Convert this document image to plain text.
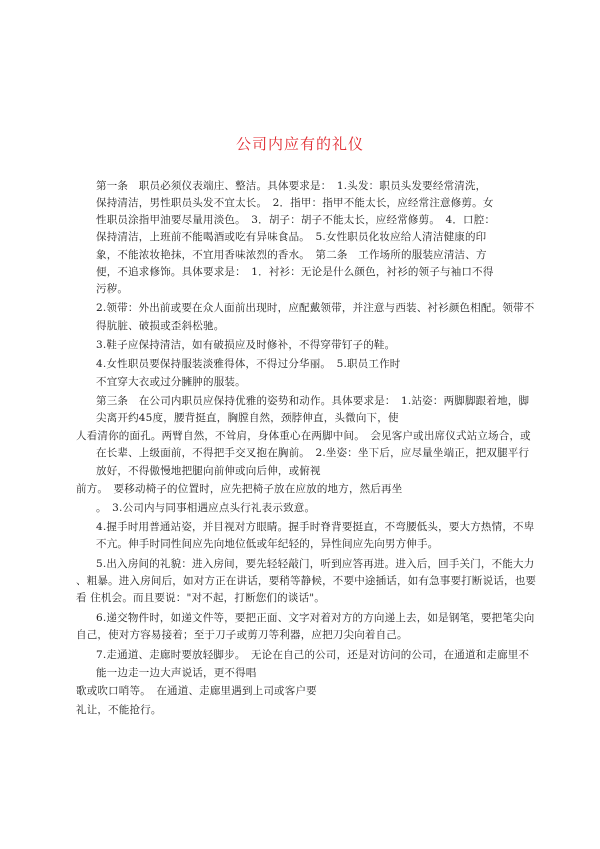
公司内应有的礼仪
第一条　职员必须仪表端庄、整洁。具体要求是：　1.头发：职员头发要经常清洗，
保持清洁，男性职员头发不宜太长。　2．指甲：指甲不能太长，应经常注意修剪。女
性职员涂指甲油要尽量用淡色。　3．胡子：胡子不能太长，应经常修剪。　4．口腔：
保持清洁，上班前不能喝酒或吃有异味食品。　5.女性职员化妆应给人清洁健康的印
象，不能浓妆艳抹，不宜用香味浓烈的香水。　第二条　工作场所的服装应清洁、方
便，不追求修饰。具体要求是：　1．衬衫：无论是什么颜色，衬衫的领子与袖口不得
污秽。
2.领带：外出前或要在众人面前出现时，应配戴领带，并注意与西装、衬衫颜色相配。领带不
得肮脏、破损或歪斜松驰。
3.鞋子应保持清洁，如有破损应及时修补，不得穿带钉子的鞋。
4.女性职员要保持服装淡雅得体，不得过分华丽。　5.职员工作时
不宜穿大衣或过分臃肿的服装。
第三条　在公司内职员应保持优雅的姿势和动作。具体要求是：　1.站姿：两脚脚跟着地，脚
尖离开约45度，腰背挺直，胸膛自然，颈脖伸直，头微向下，使
人看清你的面孔。两臂自然，不耸肩，身体重心在两脚中间。　会见客户或出席仪式站立场合，或
在长辈、上级面前，不得把手交叉抱在胸前。　2.坐姿：坐下后，应尽量坐端正，把双腿平行
放好，不得傲慢地把腿向前伸或向后伸，或俯视
前方。　要移动椅子的位置时，应先把椅子放在应放的地方，然后再坐
。　3.公司内与同事相遇应点头行礼表示致意。
4.握手时用普通站姿，并目视对方眼睛。握手时脊背要挺直，不弯腰低头，要大方热情，不卑
不亢。伸手时同性间应先向地位低或年纪轻的，异性间应先向男方伸手。
5.出入房间的礼貌：进入房间，要先轻轻敲门，听到应答再进。进入后，回手关门，不能大力
、粗暴。进入房间后，如对方正在讲话，要稍等静候，不要中途插话，如有急事要打断说话，也要
看 住机会。而且要说："对不起，打断您们的谈话"。
6.递交物件时，如递文件等，要把正面、文字对着对方的方向递上去，如是钢笔，要把笔尖向
自己，使对方容易接着；至于刀子或剪刀等利器，应把刀尖向着自己。
7.走通道、走廊时要放轻脚步。　无论在自己的公司，还是对访问的公司，在通道和走廊里不
能一边走一边大声说话，更不得唱
歌或吹口哨等。　在通道、走廊里遇到上司或客户要
礼让，不能抢行。
